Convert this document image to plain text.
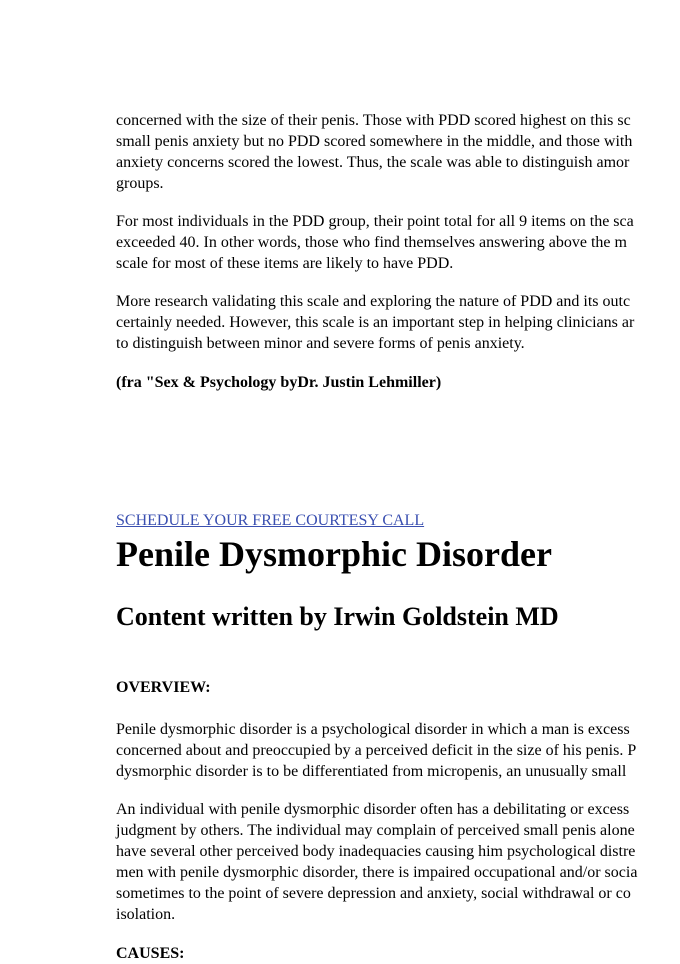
concerned with the size of their penis. Those with PDD scored highest on this sc
small penis anxiety but no PDD scored somewhere in the middle, and those with
anxiety concerns scored the lowest. Thus, the scale was able to distinguish amor
groups.
For most individuals in the PDD group, their point total for all 9 items on the sca
exceeded 40. In other words, those who find themselves answering above the m
scale for most of these items are likely to have PDD.
More research validating this scale and exploring the nature of PDD and its outc
certainly needed. However, this scale is an important step in helping clinicians ar
to distinguish between minor and severe forms of penis anxiety.
(fra "Sex & Psychology byDr. Justin Lehmiller)
SCHEDULE YOUR FREE COURTESY CALL
Penile Dysmorphic Disorder
Content written by Irwin Goldstein MD
OVERVIEW:
Penile dysmorphic disorder is a psychological disorder in which a man is excess
concerned about and preoccupied by a perceived deficit in the size of his penis. P
dysmorphic disorder is to be differentiated from micropenis, an unusually small
An individual with penile dysmorphic disorder often has a debilitating or excess
judgment by others. The individual may complain of perceived small penis alone
have several other perceived body inadequacies causing him psychological distre
men with penile dysmorphic disorder, there is impaired occupational and/or socia
sometimes to the point of severe depression and anxiety, social withdrawal or co
isolation.
CAUSES:
